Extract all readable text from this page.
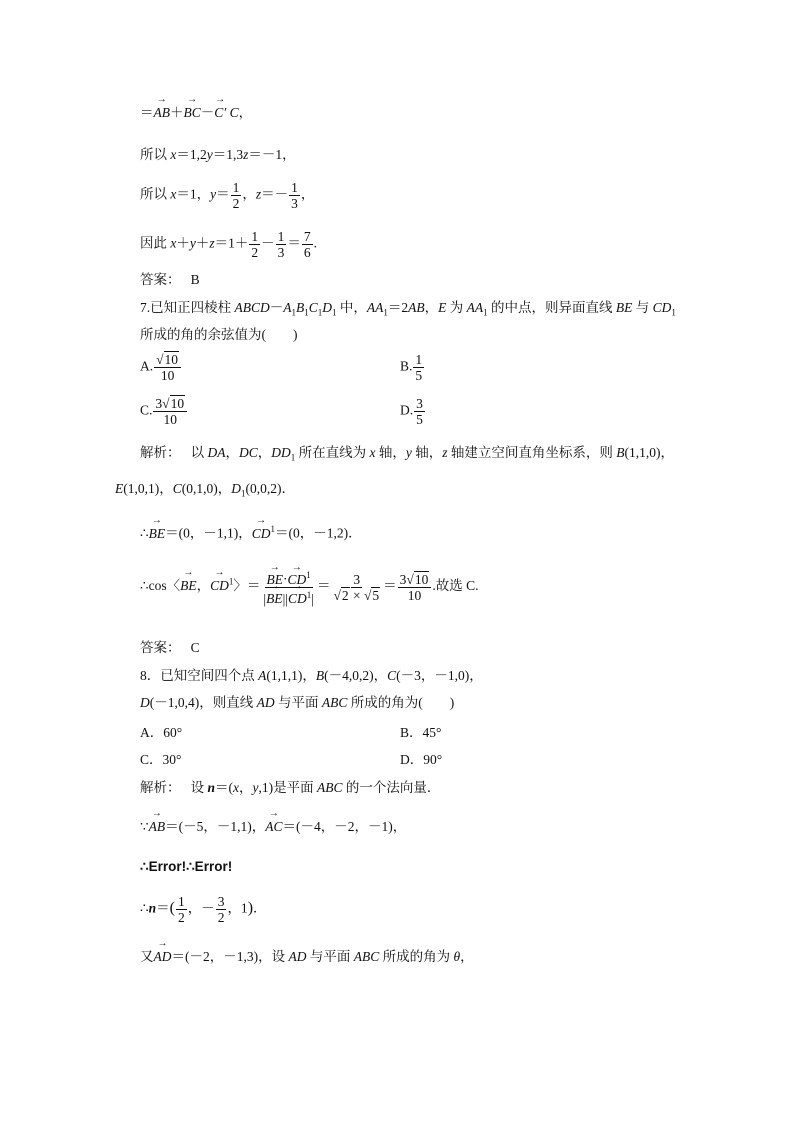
＝→ AB＋→ BC－→ C′ C，
所以 x＝1,2y＝1,3z＝－1，
所以 x＝1，$y= \frac{1}{2}$ ，$z=- \frac{1}{3}$ ，
因此 $x+y+z=1+ \frac{1}{2} - \frac{1}{3} = \frac{7}{6}$ .
答案： B
7.已知正四棱柱 $ABCD-A_1B_1C_1D_1$ 中，$AA_1=2AB$，E 为 $AA_1$ 的中点，则异面直线 BE 与 $CD_1$
所成的角的余弦值为(　　)
A. $\frac{√10}{10}$	B. $\frac{1}{5}$
C. $\frac{3√10}{10}$	D. $\frac{3}{5}$
解析：   以 DA，DC，$DD_1$ 所在直线为 x 轴，y 轴，z 轴建立空间直角坐标系，则 B(1,1,0)，
E(1,0,1)，C(0,1,0)，$D_1(0,0,2)$．
∴→ BE＝(0，－1,1)，→ $CD^1=(0$，－1,2)．
∴cos〈→ BE，→ $CD^1$〉＝
→ $\frac{BE\cdot\to CD^1}{|\to BE||\to CD^1|} = \frac{3}{√2 \times √5} = \frac{3√10}{10}$ .故选 C.
答案： C
8．已知空间四个点 A(1,1,1)，B(－4,0,2)，C(－3，－1,0)，
D(－1,0,4)，则直线 AD 与平面 ABC 所成的角为(　　)
A．60°	B．45°
C．30°	D．90°
解析：   设 n＝(x，y,1)是平面 ABC 的一个法向量．
∵→ AB＝(－5，－1,1)，→ AC＝(－4，－2，－1)，
∴Error!∴Error!
∴n＝( $\frac{1}{2}$ ，－ $\frac{3}{2}$ ，1)．
又→ AD＝(－2，－1,3)，设 AD 与平面 ABC 所成的角为 θ，
